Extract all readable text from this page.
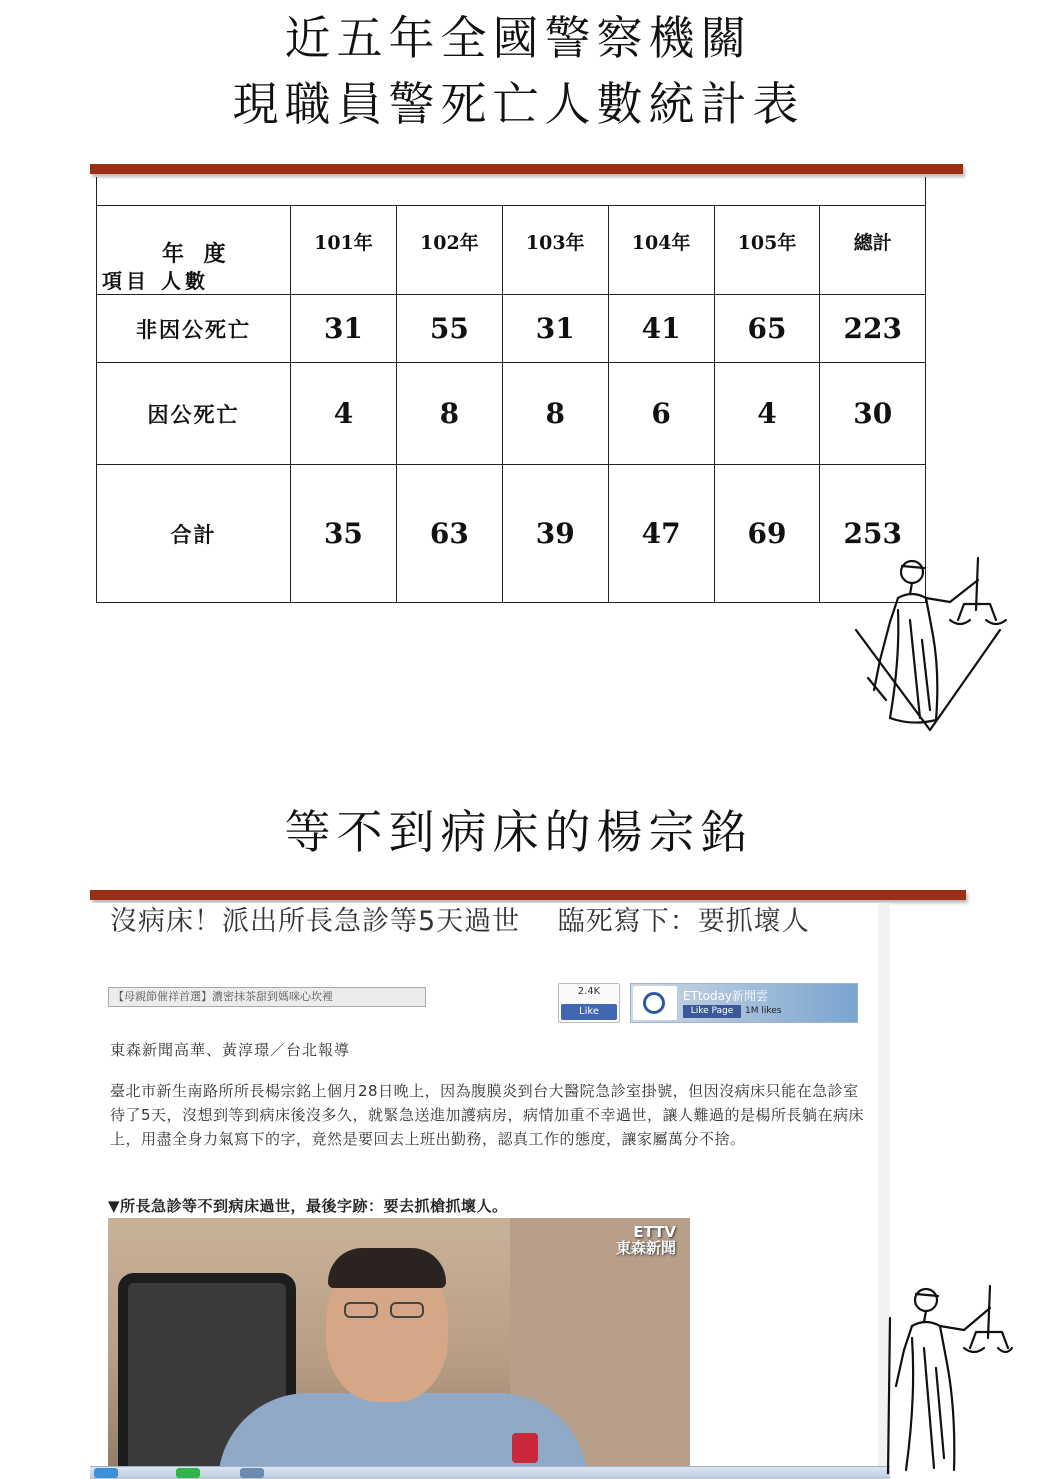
近五年全國警察機關
現職員警死亡人數統計表

年 度
項目 人數	101年	102年	103年	104年	105年	總計
非因公死亡	31	55	31	41	65	223
因公死亡	4	8	8	6	4	30
合計	35	63	39	47	69	253
等不到病床的楊宗銘
沒病床！派出所長急診等5天過世　 臨死寫下：要抓壞人
【母親節催祥首選】濃密抹茶甜到媽咪心坎裡	2.4K
Like
ETtoday新聞雲
Like Page	1M likes
東森新聞高華、黃淳璟／台北報導
臺北市新生南路所所長楊宗銘上個月28日晚上，因為腹膜炎到台大醫院急診室掛號，但因沒病床只能在急診室待了5天，沒想到等到病床後沒多久，就緊急送進加護病房，病情加重不幸過世，讓人難過的是楊所長躺在病床上，用盡全身力氣寫下的字，竟然是要回去上班出勤務，認真工作的態度，讓家屬萬分不捨。
▼所長急診等不到病床過世，最後字跡：要去抓槍抓壞人。
ETTV
東森新聞
